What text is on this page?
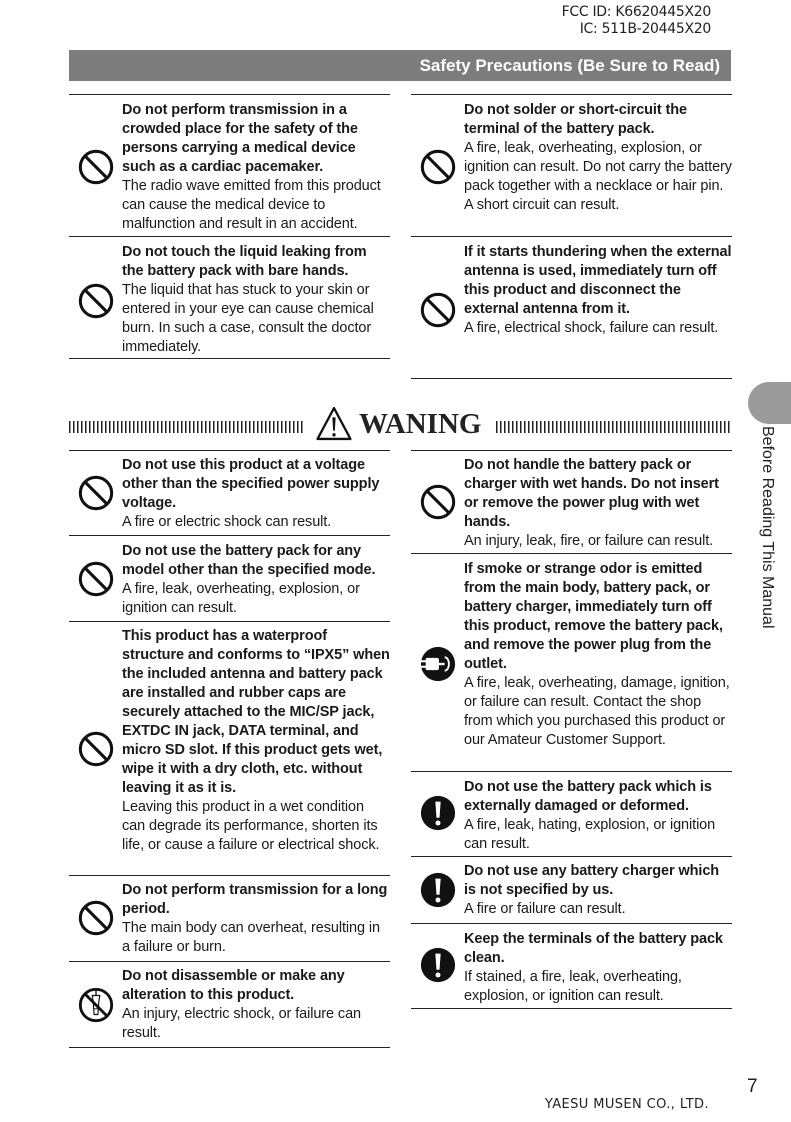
FCC ID: K6620445X20
IC: 511B-20445X20
Safety Precautions (Be Sure to Read)
Do not perform transmission in a crowded place for the safety of the persons carrying a medical device such as a cardiac pacemaker.
The radio wave emitted from this product can cause the medical device to malfunction and result in an accident.
Do not touch the liquid leaking from the battery pack with bare hands.
The liquid that has stuck to your skin or entered in your eye can cause chemical burn. In such a case, consult the doctor immediately.
Do not solder or short-circuit the terminal of the battery pack.
A fire, leak, overheating, explosion, or ignition can result. Do not carry the battery pack together with a necklace or hair pin. A short circuit can result.
If it starts thundering when the external antenna is used, immediately turn off this product and disconnect the external antenna from it.
A fire, electrical shock, failure can result.
WANING
Do not use this product at a voltage other than the specified power supply voltage.
A fire or electric shock can result.
Do not use the battery pack for any model other than the specified mode.
A fire, leak, overheating, explosion, or ignition can result.
This product has a waterproof structure and conforms to “IPX5” when the included antenna and battery pack are installed and rubber caps are securely attached to the MIC/SP jack, EXTDC IN jack, DATA terminal, and micro SD slot. If this product gets wet, wipe it with a dry cloth, etc. without leaving it as it is.
Leaving this product in a wet condition can degrade its performance, shorten its life, or cause a failure or electrical shock.
Do not perform transmission for a long period.
The main body can overheat, resulting in a failure or burn.
Do not disassemble or make any alteration to this product.
An injury, electric shock, or failure can result.
Do not handle the battery pack or charger with wet hands. Do not insert or remove the power plug with wet hands.
An injury, leak, fire, or failure can result.
If smoke or strange odor is emitted from the main body, battery pack, or battery charger, immediately turn off this product, remove the battery pack, and remove the power plug from the outlet.
A fire, leak, overheating, damage, ignition, or failure can result. Contact the shop from which you purchased this product or our Amateur Customer Support.
Do not use the battery pack which is externally damaged or deformed.
A fire, leak, hating, explosion, or ignition can result.
Do not use any battery charger which is not specified by us.
A fire or failure can result.
Keep the terminals of the battery pack clean.
If stained, a fire, leak, overheating, explosion, or ignition can result.
Before Reading This Manual
7
YAESU MUSEN CO., LTD.
